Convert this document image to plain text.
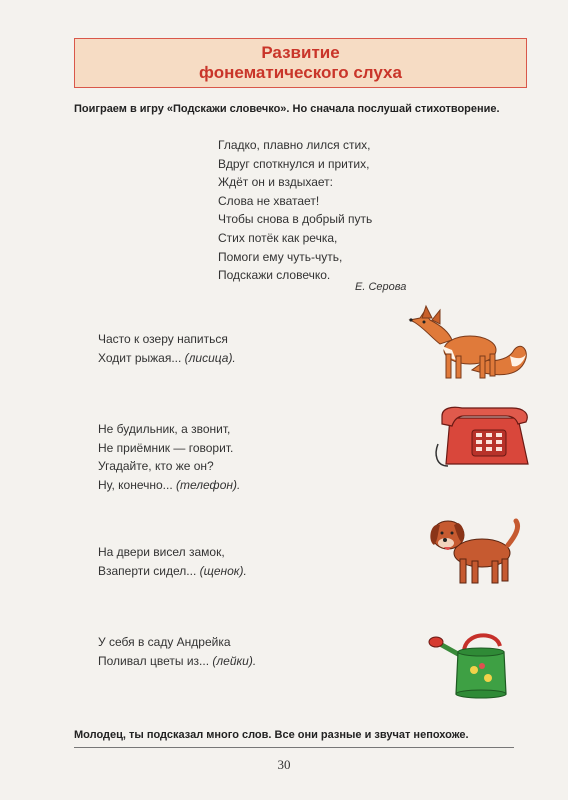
Развитие
фонематического слуха
Поиграем в игру «Подскажи словечко». Но сначала послушай стихотворение.
Гладко, плавно лился стих,
Вдруг споткнулся и притих,
Ждёт он и вздыхает:
Слова не хватает!
Чтобы снова в добрый путь
Стих потёк как речка,
Помоги ему чуть-чуть,
Подскажи словечко.
Е. Серова
Часто к озеру напиться
Ходит рыжая... (лисица).
Не будильник, а звонит,
Не приёмник — говорит.
Угадайте, кто же он?
Ну, конечно... (телефон).
На двери висел замок,
Взаперти сидел... (щенок).
У себя в саду Андрейка
Поливал цветы из... (лейки).
Молодец, ты подсказал много слов. Все они разные и звучат непохоже.
30
